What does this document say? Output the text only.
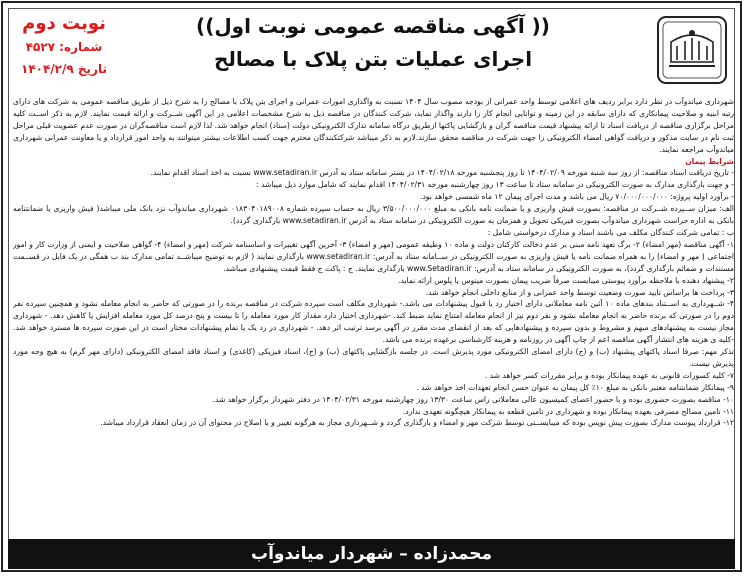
نوبت دوم
شماره: ۴۵۲۷
تاریخ ۱۴۰۴/۲/۹
(( آگهی مناقصه عمومی نوبت اول))
اجرای عملیات بتن پلاک با مصالح

شهرداری میاندوآب در نظر دارد برابر ردیف های اعلامی توسط واحد عمرانی از بودجه مصوب سال ۱۴۰۴ نسبت به واگذاری امورات عمرانی و اجرای بتن پلاک با مصالح را به شرح ذیل از طریق مناقصه عمومی به شرکت های دارای رتبه ابنیه و صلاحیت پیمانکاری که دارای سابقه در این زمینه و توانایی انجام کار را دارند واگذار نماید، شرکت کنندگان در مناقصه ذیل به شرح مشخصات اعلامی در این آگهی شــرکت و ارائه قیمت نمایند. لازم به ذکر اســت کلیه مراحل برگزاری مناقصه از دریافت اسناد تا ارائه پیشنهاد قیمت مناقصه گران و بازگشایی پاکتها ازطریق درگاه سامانه تدارک الکترونیکی دولت (ستاد) انجام خواهد شد. لذا لازم است مناقصه‌گران در صورت عدم عضویت قبلی مراحل ثبت نام در سایت مذکور و دریافت گواهی امضاء الکترونیکی را جهت شرکت در مناقصه محقق سازند.لازم به ذکر میباشد شرکتکنندگان محترم جهت کسب اطلاعات بیشتر میتوانند به واحد امور قرارداد و یا معاونت عمرانی شهرداری میاندوآب مراجعه نمایند.

شرایط پیمان

- تاریخ دریافت اسناد مناقصه: از روز سه شنبه مورخه ۱۴۰۴/۰۲/۰۹ تا روز پنجشنبه مورخه ۱۴۰۴/۰۲/۱۸ در بستر سامانه ستاد به آدرس www.setadiran.ir نسبت به اخذ اسناد اقدام نمایند.

- و جهت بارگذاری مدارک به صورت الکترونیکی در سامانه ستاد تا ساعت ۱۳ روز چهارشنبه مورخه ۱۴۰۴/۰۲/۳۱ اقدام نمایند که شامل موارد ذیل میباشد :

- برآورد اولیه پروژه: ۷۰/۰۰۰/۰۰۰/۰۰۰ ریال می باشد و مدت اجرای پیمان ۱۲ ماه شمسی خواهد بود.

الف: میزان ســپرده شــرکت در مناقصه: بصورت فیش واریزی و یا ضمانت نامه بانکی به مبلغ ۳/۵۰۰/۰۰۰/۰۰۰ ریال به حساب سپرده شماره ۰۱۸۳۰۴۰۱۸۹۰۰۸ شهرداری میاندوآب نزد بانک ملی میباشد( فیش واریزی یا ضمانتنامه بانکی به اداره حراست شهرداری میاندوآب بصورت فیزیکی تحویل و همزمان به صورت الکترونیکی در سامانه ستاد به آدرس www.setadiran.ir بارگذاری گردد).

ب : تمامی شرکت کنندگان مکلف می باشند اسناد و مدارک درخواستی شامل :

۱- آگهی مناقصه (مهر امضاء) ۲- برگ تعهد نامه مبنی بر عدم دخالت کارکنان دولت و ماده ۱۰ وظیفه عمومی (مهر و امضاء) ۳- آخرین آگهی تغییرات و اساسنامه شرکت (مهر و امضاء) ۴- گواهی صلاحیت و ایمنی از وزارت کار و امور اجتماعی ( مهر و امضاء) را به همراه ضمانت نامه یا فیش واریزی به صورت الکترونیکی در ســامانه ستاد به آدرس: www.setadiran.ir بارگذاری نمایند ( لازم به توضیح میباشــد تمامی مدارک بند ب همگی در یک فایل در قســمت مستندات و ضمائم بارگذاری گردد)، به صورت الکترونیکی در سامانه ستاد به آدرس: www.Setadiran.ir بارگذاری نمایند. ج : پاکت ج فقط قیمت پیشنهادی میباشد.

۲- پیشنهاد دهنده با ملاحظه برآورد پیوستی میبایست صرفاً ضریب پیمان بصورت مینوس یا پلوس ارائه نماید.

۳- پرداخت ها براساس تایید صورت وضعیت توسط واحد عمرانی و از منابع داخلی انجام خواهد شد.

۴- شــهرداری به اســتناد بندهای ماده ۱۰ آئین نامه معاملاتی دارای اختیار رد یا قبول پیشنهادات می باشد.- شهرداری مکلف است سپرده شرکت در مناقصه برنده را در صورتی که حاضر به انجام معامله نشود و همچنین سپرده نفر دوم را در صورتی که برنده حاضر به انجام معامله نشود و نفر دوم نیز از انجام معامله امتناع نماید ضبط کند. -شهرداری اختیار دارد مقدار کار مورد معامله را تا بیست و پنج درصد کل مورد معامله افزایش یا کاهش دهد. - شهرداری مجاز نیست به پیشنهادهای مبهم و مشروط و بدون سپرده و پیشنهادهایی که بعد از انقضای مدت مقرر در آگهی برسد ترتیب اثر دهد. - شهرداری در رد یک یا تمام پیشنهادات مختار است در این صورت سپرده ها مسترد خواهد شد. -کلیه ی هزینه های انتشار آگهی مناقصه اعم از چاپ آگهی در روزنامه و هزینه کارشناسی برعهده برنده می باشد.

تذکر مهم: صرفا اسناد پاکتهای پیشنهاد (ب) و (ج) دارای امضای الکترونیکی مورد پذیرش است. در جلسه بازگشایی پاکتهای (ب) و (ج)، اسناد فیزیکی (کاغذی) و اسناد فاقد امضای الکترونیکی (دارای مهر گرم) به هیچ وجه مورد پذیرش نیست.

۷- کلیه کسورات قانونی به عهده پیمانکار بوده و برابر مقررات کسر خواهد شد .

۹- پیمانکار ضمانتنامه معتبر بانکی به مبلغ ۱۰٪ کل پیمان به عنوان حسن انجام تعهدات اخذ خواهد شد .

۱۰- مناقصه بصورت حضوری بوده و با حضور اعضای کمیسیون عالی معاملاتی راس ساعت ۱۳/۳۰ روز چهارشنبه مورخه ۱۴۰۴/۰۲/۳۱ در دفتر شهردار برگزار خواهد شد.

۱۱- تامین مصالح مصرفی بعهده پیمانکار بوده و شهرداری در تامین قطعه به پیمانکار هیچگونه تعهدی ندارد.

۱۲- قرارداد پیوست مدارک بصورت پیش نویس بوده که میبایســتی توسط شرکت مهر و امضاء و بارگذاری گردد و شــهرداری مجاز به هرگونه تغییر و یا اصلاح در محتوای آن در زمان انعقاد قرارداد میباشد.

محمدزاده – شهردار میاندوآب
